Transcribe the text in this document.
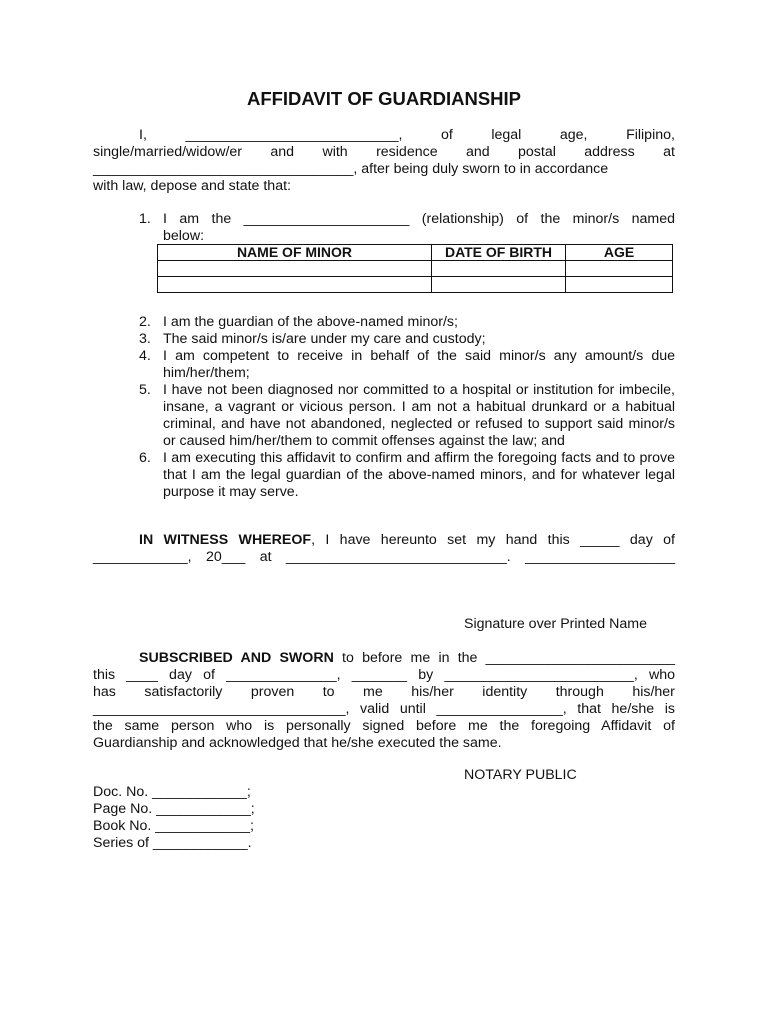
AFFIDAVIT OF GUARDIANSHIP
I,	___________________________,	of	legal	age,	Filipino,
single/married/widow/er and with residence and postal address at
_________________________________, after being duly sworn to in accordance
with law, depose and state that:
1. I am the _____________________ (relationship) of the minor/s named
below:
NAME OF MINOR	DATE OF BIRTH	AGE

2. I am the guardian of the above-named minor/s;
3. The said minor/s is/are under my care and custody;
4. I am competent to receive in behalf of the said minor/s any amount/s due him/her/them;
5. I have not been diagnosed nor committed to a hospital or institution for imbecile, insane, a vagrant or vicious person. I am not a habitual drunkard or a habitual criminal, and have not abandoned, neglected or refused to support said minor/s or caused him/her/them to commit offenses against the law; and
6. I am executing this affidavit to confirm and affirm the foregoing facts and to prove that I am the legal guardian of the above-named minors, and for whatever legal purpose it may serve.
IN WITNESS WHEREOF, I have hereunto set my hand this _____ day of
____________, 20___ at ____________________________. ___________________
Signature over Printed Name
SUBSCRIBED AND SWORN to before me in the ________________________
this ____ day of ______________, _______ by ________________________, who
has satisfactorily proven to me his/her identity through his/her
________________________________, valid until ________________, that he/she is
the same person who is personally signed before me the foregoing Affidavit of
Guardianship and acknowledged that he/she executed the same.
NOTARY PUBLIC
Doc. No. ____________;
Page No. ____________;
Book No. ____________;
Series of ____________.
